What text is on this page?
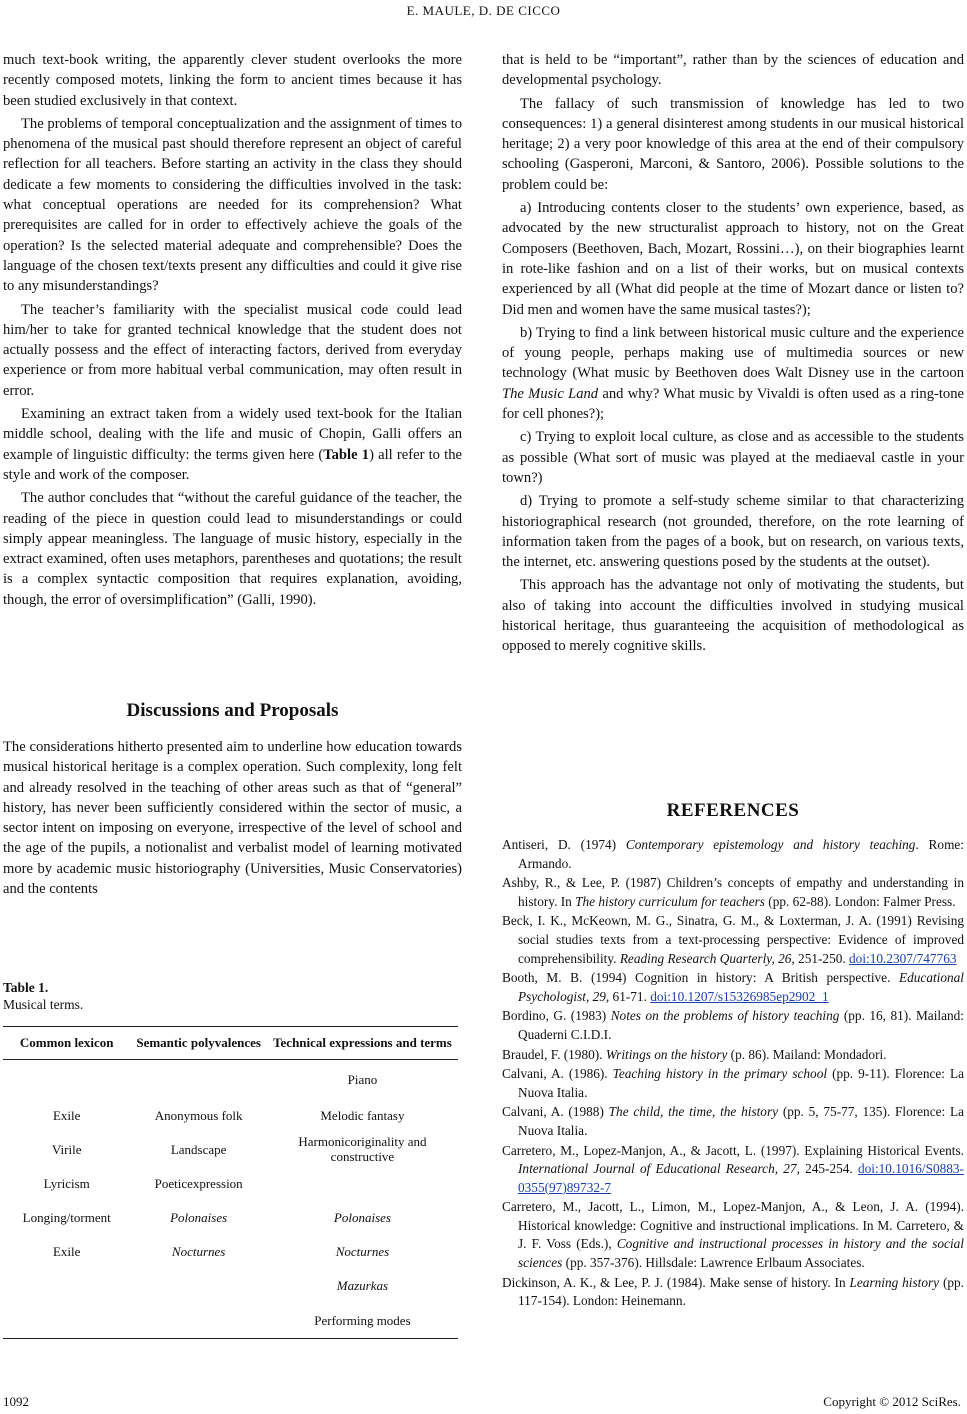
E. MAULE, D. DE CICCO

much text-book writing, the apparently clever student overlooks the more recently composed motets, linking the form to ancient times because it has been studied exclusively in that context.

The problems of temporal conceptualization and the assignment of times to phenomena of the musical past should therefore represent an object of careful reflection for all teachers. Before starting an activity in the class they should dedicate a few moments to considering the difficulties involved in the task: what conceptual operations are needed for its comprehension? What prerequisites are called for in order to effectively achieve the goals of the operation? Is the selected material adequate and comprehensible? Does the language of the chosen text/texts present any difficulties and could it give rise to any misunderstandings?

The teacher’s familiarity with the specialist musical code could lead him/her to take for granted technical knowledge that the student does not actually possess and the effect of interacting factors, derived from everyday experience or from more habitual verbal communication, may often result in error.

Examining an extract taken from a widely used text-book for the Italian middle school, dealing with the life and music of Chopin, Galli offers an example of linguistic difficulty: the terms given here (Table 1) all refer to the style and work of the composer.

The author concludes that “without the careful guidance of the teacher, the reading of the piece in question could lead to misunderstandings or could simply appear meaningless. The language of music history, especially in the extract examined, often uses metaphors, parentheses and quotations; the result is a complex syntactic composition that requires explanation, avoiding, though, the error of oversimplification” (Galli, 1990).

Discussions and Proposals

The considerations hitherto presented aim to underline how education towards musical historical heritage is a complex operation. Such complexity, long felt and already resolved in the teaching of other areas such as that of “general” history, has never been sufficiently considered within the sector of music, a sector intent on imposing on everyone, irrespective of the level of school and the age of the pupils, a notionalist and verbalist model of learning motivated more by academic music historiography (Universities, Music Conservatories) and the contents

Table 1.
Musical terms.
Common lexicon	Semantic polyvalences	Technical expressions and terms
		Piano
Exile	Anonymous folk	Melodic fantasy
Virile	Landscape	Harmonicoriginality and constructive
Lyricism	Poeticexpression	
Longing/torment	Polonaises	Polonaises
Exile	Nocturnes	Nocturnes
		Mazurkas
		Performing modes

that is held to be “important”, rather than by the sciences of education and developmental psychology.

The fallacy of such transmission of knowledge has led to two consequences: 1) a general disinterest among students in our musical historical heritage; 2) a very poor knowledge of this area at the end of their compulsory schooling (Gasperoni, Marconi, & Santoro, 2006). Possible solutions to the problem could be:

a) Introducing contents closer to the students’ own experience, based, as advocated by the new structuralist approach to history, not on the Great Composers (Beethoven, Bach, Mozart, Rossini…), on their biographies learnt in rote-like fashion and on a list of their works, but on musical contexts experienced by all (What did people at the time of Mozart dance or listen to? Did men and women have the same musical tastes?);

b) Trying to find a link between historical music culture and the experience of young people, perhaps making use of multimedia sources or new technology (What music by Beethoven does Walt Disney use in the cartoon The Music Land and why? What music by Vivaldi is often used as a ring-tone for cell phones?);

c) Trying to exploit local culture, as close and as accessible to the students as possible (What sort of music was played at the mediaeval castle in your town?)

d) Trying to promote a self-study scheme similar to that characterizing historiographical research (not grounded, therefore, on the rote learning of information taken from the pages of a book, but on research, on various texts, the internet, etc. answering questions posed by the students at the outset).

This approach has the advantage not only of motivating the students, but also of taking into account the difficulties involved in studying musical historical heritage, thus guaranteeing the acquisition of methodological as opposed to merely cognitive skills.

REFERENCES
Antiseri, D. (1974) Contemporary epistemology and history teaching. Rome: Armando.
Ashby, R., & Lee, P. (1987) Children’s concepts of empathy and understanding in history. In The history curriculum for teachers (pp. 62-88). London: Falmer Press.
Beck, I. K., McKeown, M. G., Sinatra, G. M., & Loxterman, J. A. (1991) Revising social studies texts from a text-processing perspective: Evidence of improved comprehensibility. Reading Research Quarterly, 26, 251-250. doi:10.2307/747763
Booth, M. B. (1994) Cognition in history: A British perspective. Educational Psychologist, 29, 61-71. doi:10.1207/s15326985ep2902_1
Bordino, G. (1983) Notes on the problems of history teaching (pp. 16, 81). Mailand: Quaderni C.I.D.I.
Braudel, F. (1980). Writings on the history (p. 86). Mailand: Mondadori.
Calvani, A. (1986). Teaching history in the primary school (pp. 9-11). Florence: La Nuova Italia.
Calvani, A. (1988) The child, the time, the history (pp. 5, 75-77, 135). Florence: La Nuova Italia.
Carretero, M., Lopez-Manjon, A., & Jacott, L. (1997). Explaining Historical Events. International Journal of Educational Research, 27, 245-254. doi:10.1016/S0883-0355(97)89732-7
Carretero, M., Jacott, L., Limon, M., Lopez-Manjon, A., & Leon, J. A. (1994). Historical knowledge: Cognitive and instructional implications. In M. Carretero, & J. F. Voss (Eds.), Cognitive and instructional processes in history and the social sciences (pp. 357-376). Hillsdale: Lawrence Erlbaum Associates.
Dickinson, A. K., & Lee, P. J. (1984). Make sense of history. In Learning history (pp. 117-154). London: Heinemann.
1092	Copyright © 2012 SciRes.
